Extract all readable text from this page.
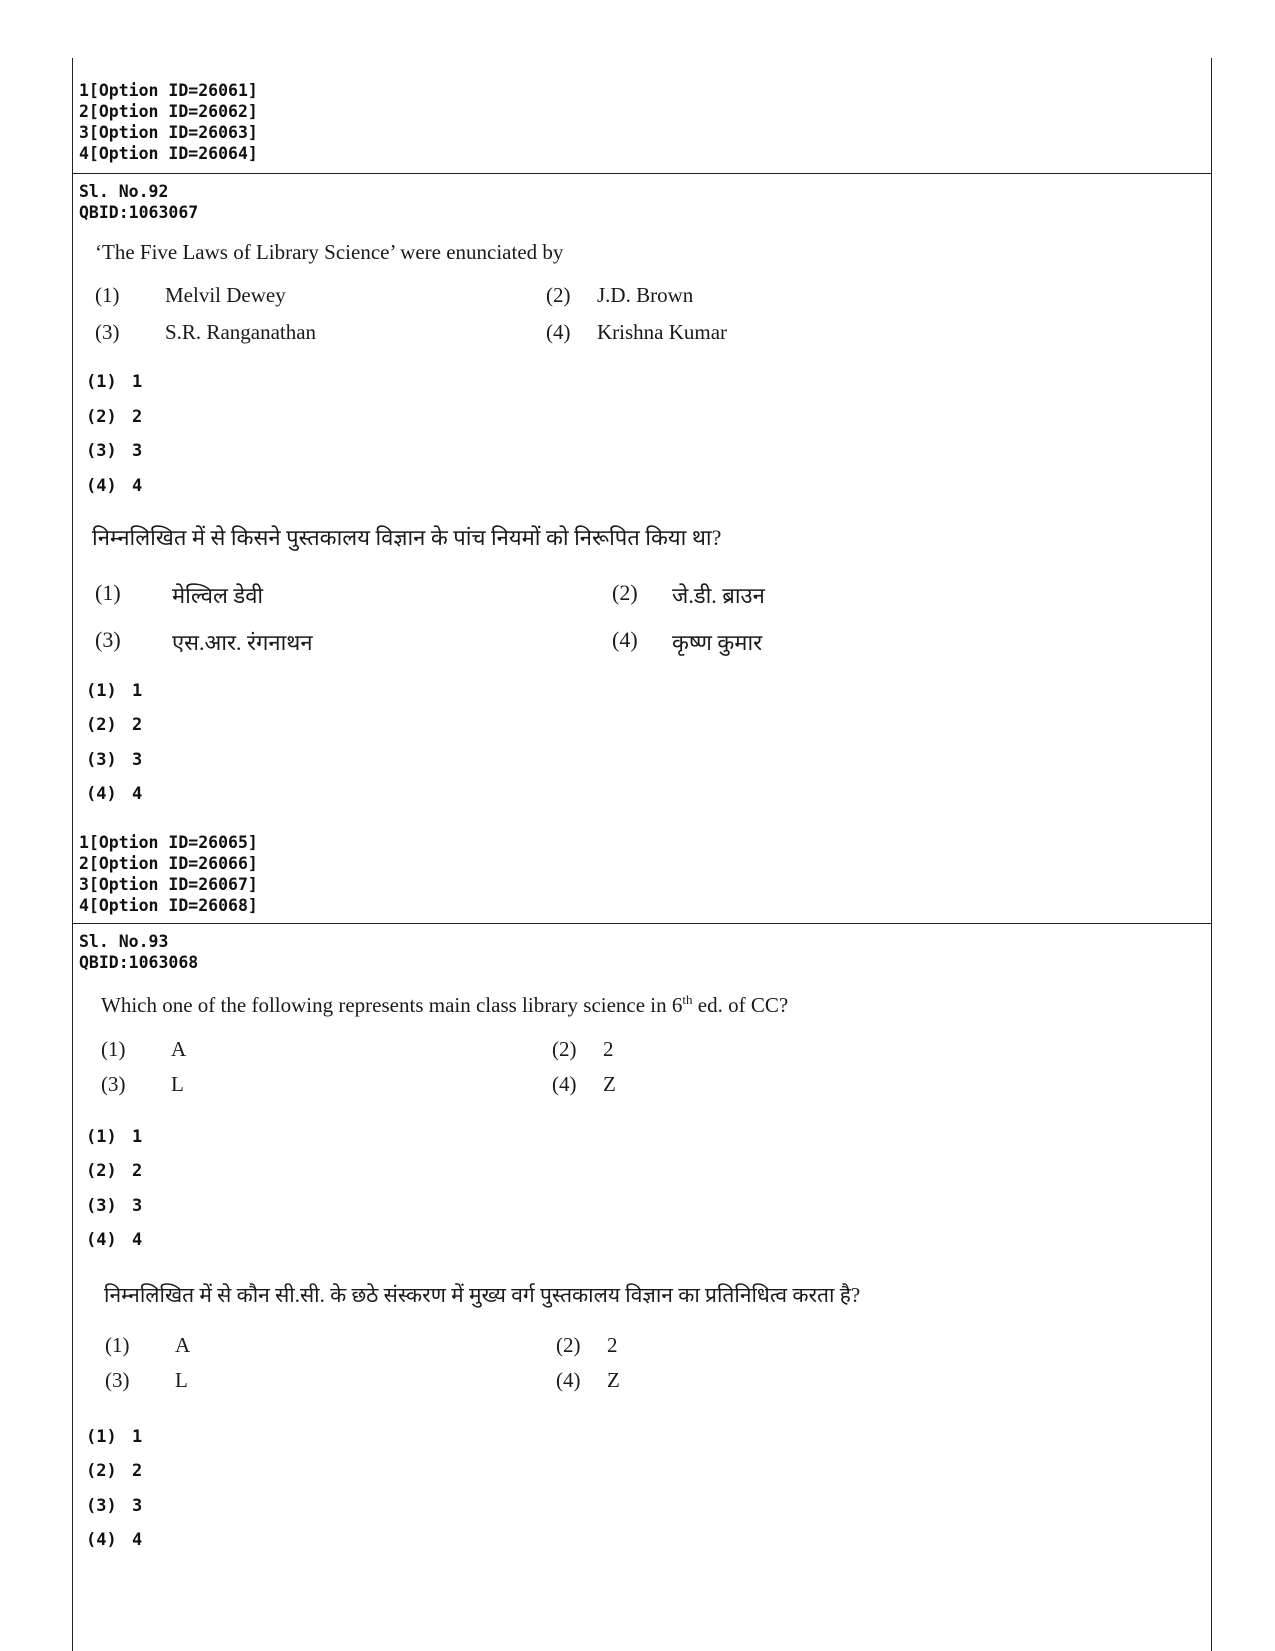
1[Option ID=26061]
2[Option ID=26062]
3[Option ID=26063]
4[Option ID=26064]
Sl. No.92
QBID:1063067
‘The Five Laws of Library Science’ were enunciated by
(1) Melvil Dewey	(2) J.D. Brown
(3) S.R. Ranganathan	(4) Krishna Kumar
(1) 1
(2) 2
(3) 3
(4) 4
निम्नलिखित में से किसने पुस्तकालय विज्ञान के पांच नियमों को निरूपित किया था?
(1) मेल्विल डेवी	(2) जे.डी. ब्राउन
(3) एस.आर. रंगनाथन	(4) कृष्ण कुमार
(1) 1
(2) 2
(3) 3
(4) 4
1[Option ID=26065]
2[Option ID=26066]
3[Option ID=26067]
4[Option ID=26068]
Sl. No.93
QBID:1063068
Which one of the following represents main class library science in 6th ed. of CC?
(1) A	(2) 2
(3) L	(4) Z
(1) 1
(2) 2
(3) 3
(4) 4
निम्नलिखित में से कौन सी.सी. के छठे संस्करण में मुख्य वर्ग पुस्तकालय विज्ञान का प्रतिनिधित्व करता है?
(1) A	(2) 2
(3) L	(4) Z
(1) 1
(2) 2
(3) 3
(4) 4
